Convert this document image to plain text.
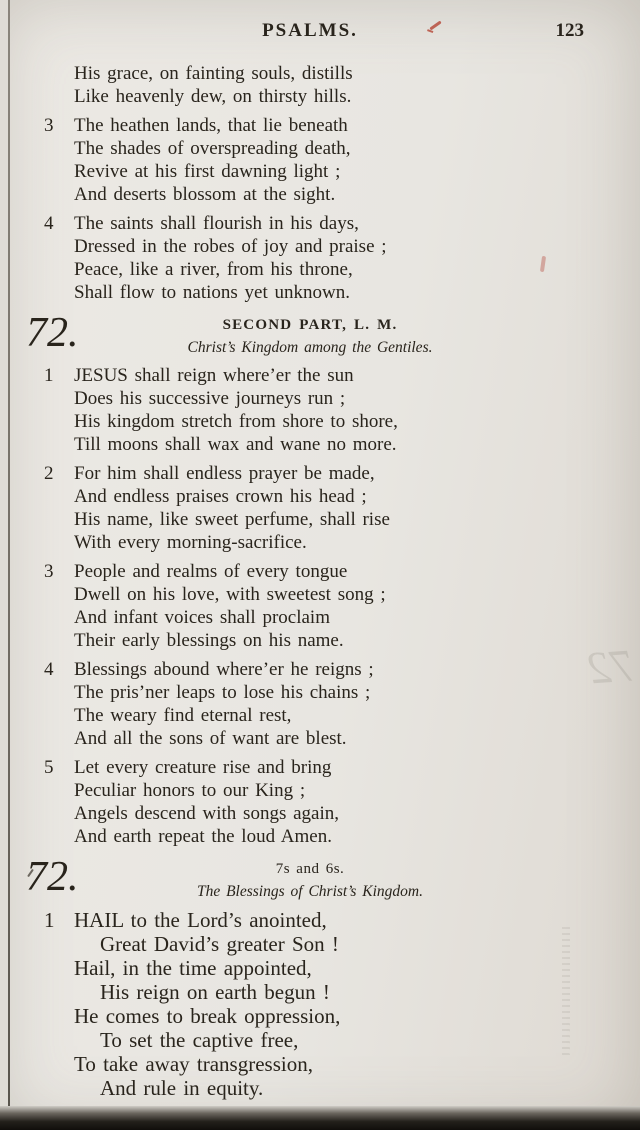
72
PSALMS.	123
His grace, on fainting souls, distills
Like heavenly dew, on thirsty hills.
3 The heathen lands, that lie beneath
The shades of overspreading death,
Revive at his first dawning light ;
And deserts blossom at the sight.
4 The saints shall flourish in his days,
Dressed in the robes of joy and praise ;
Peace, like a river, from his throne,
Shall flow to nations yet unknown.
72.	SECOND PART, L. M.
Christ’s Kingdom among the Gentiles.
1 JESUS shall reign where’er the sun
Does his successive journeys run ;
His kingdom stretch from shore to shore,
Till moons shall wax and wane no more.
2 For him shall endless prayer be made,
And endless praises crown his head ;
His name, like sweet perfume, shall rise
With every morning-sacrifice.
3 People and realms of every tongue
Dwell on his love, with sweetest song ;
And infant voices shall proclaim
Their early blessings on his name.
4 Blessings abound where’er he reigns ;
The pris’ner leaps to lose his chains ;
The weary find eternal rest,
And all the sons of want are blest.
5 Let every creature rise and bring
Peculiar honors to our King ;
Angels descend with songs again,
And earth repeat the loud Amen.
72.	7s and 6s.
The Blessings of Christ’s Kingdom.
1 HAIL to the Lord’s anointed,
Great David’s greater Son !
Hail, in the time appointed,
His reign on earth begun !
He comes to break oppression,
To set the captive free,
To take away transgression,
And rule in equity.
